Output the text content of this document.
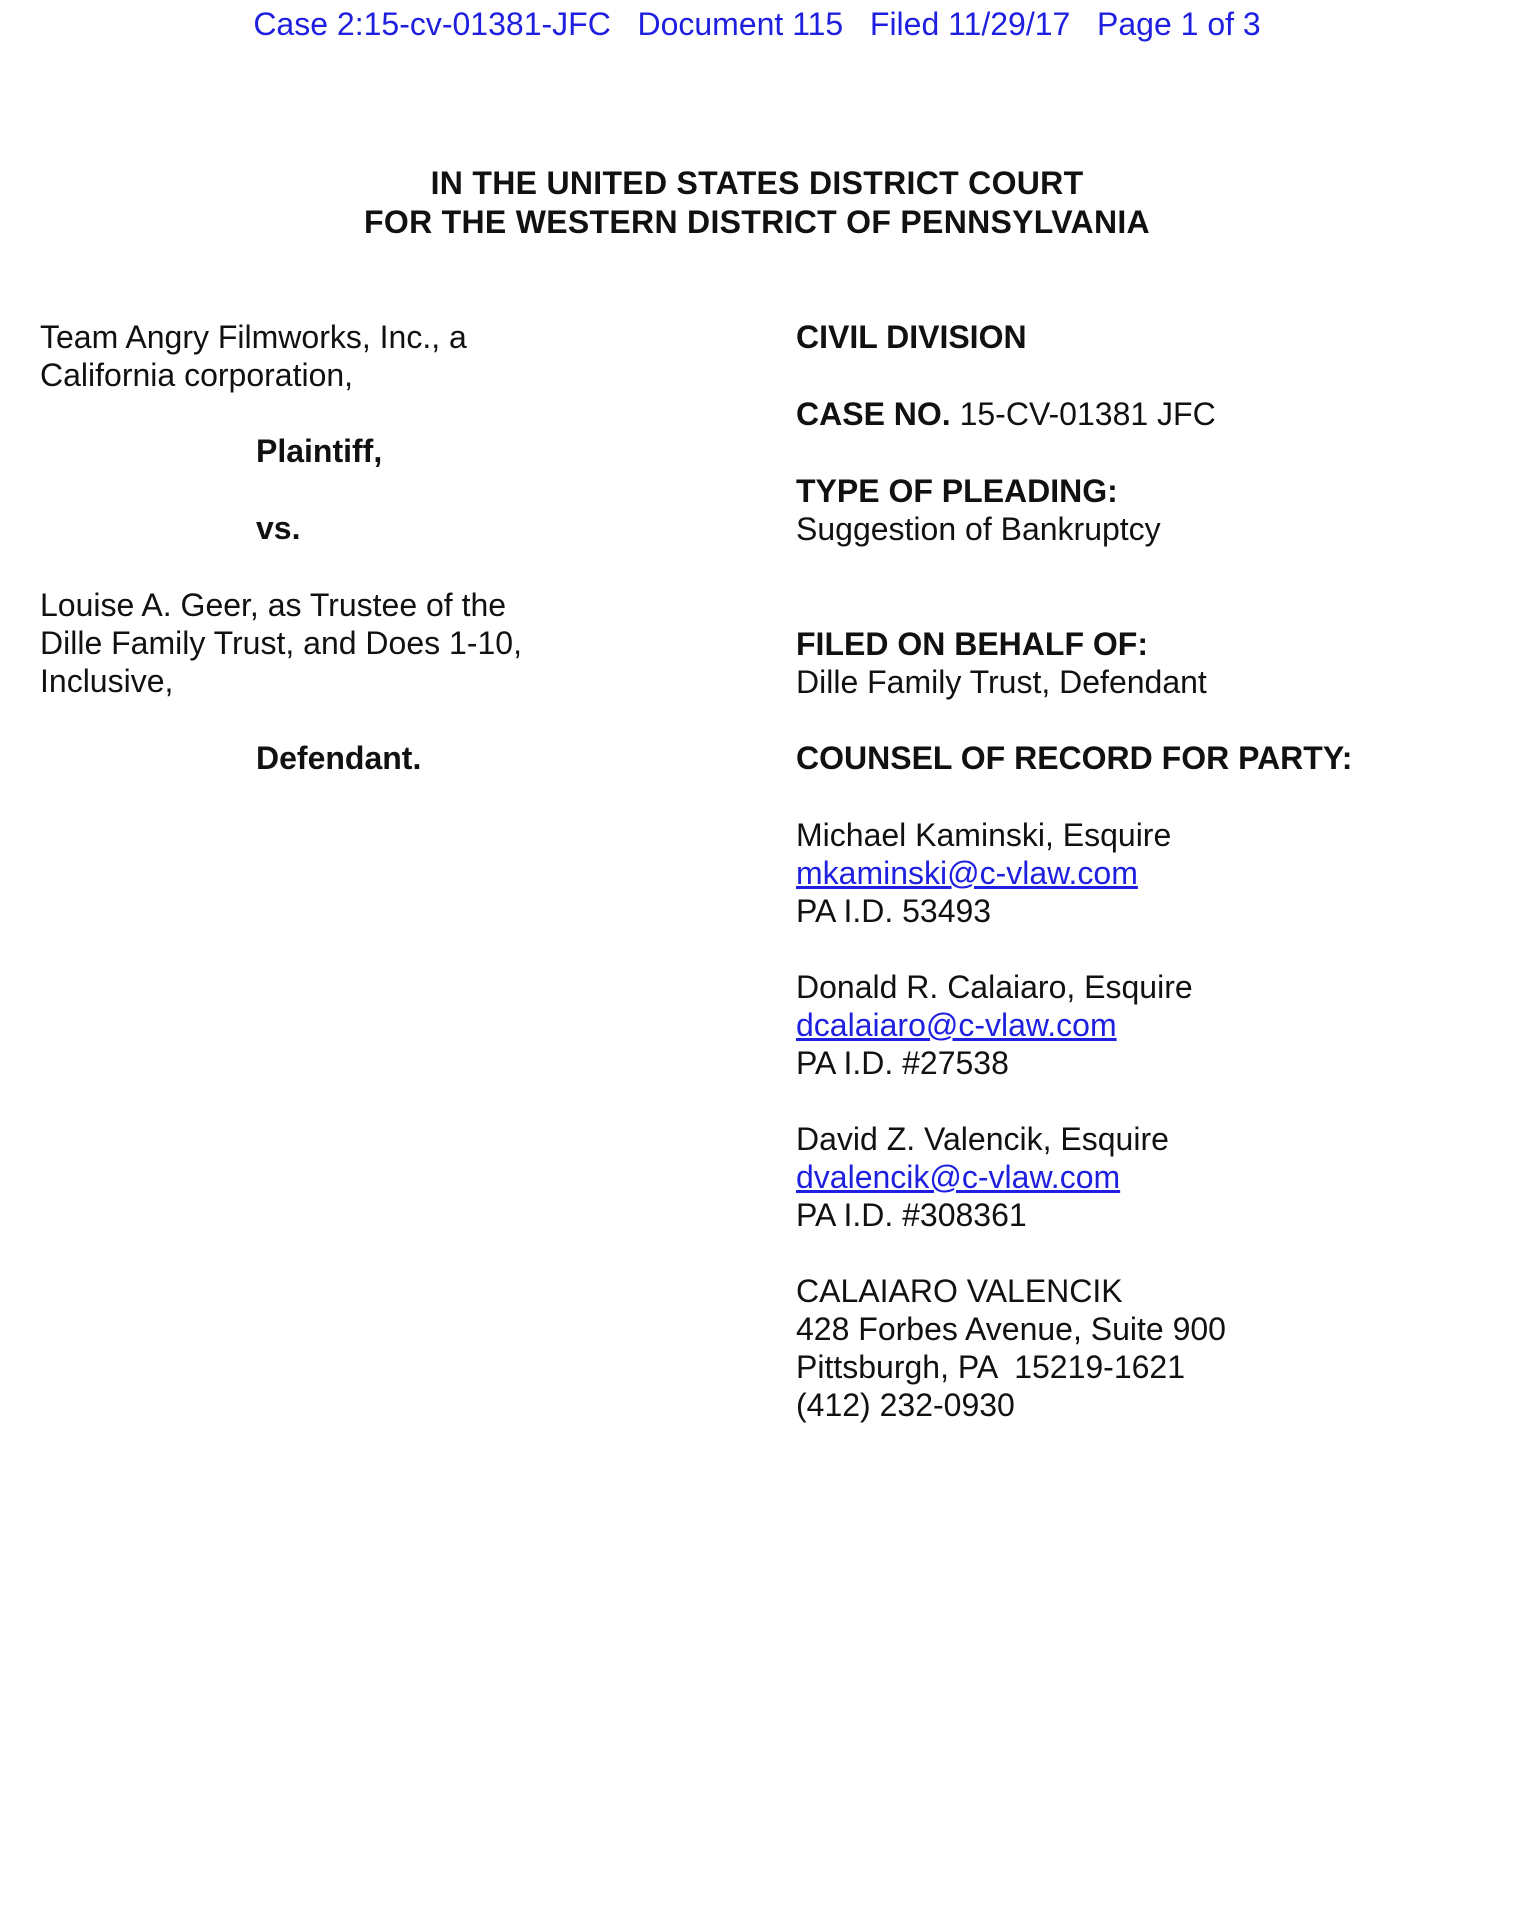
Case 2:15-cv-01381-JFC Document 115 Filed 11/29/17 Page 1 of 3
IN THE UNITED STATES DISTRICT COURT
FOR THE WESTERN DISTRICT OF PENNSYLVANIA
Team Angry Filmworks, Inc., a
California corporation,
Plaintiff,
vs.
Louise A. Geer, as Trustee of the
Dille Family Trust, and Does 1-10,
Inclusive,
Defendant.
CIVIL DIVISION
CASE NO. 15-CV-01381 JFC
TYPE OF PLEADING:
Suggestion of Bankruptcy
FILED ON BEHALF OF:
Dille Family Trust, Defendant
COUNSEL OF RECORD FOR PARTY:
Michael Kaminski, Esquire
mkaminski@c-vlaw.com
PA I.D. 53493
Donald R. Calaiaro, Esquire
dcalaiaro@c-vlaw.com
PA I.D. #27538
David Z. Valencik, Esquire
dvalencik@c-vlaw.com
PA I.D. #308361
CALAIARO VALENCIK
428 Forbes Avenue, Suite 900
Pittsburgh, PA  15219-1621
(412) 232-0930
